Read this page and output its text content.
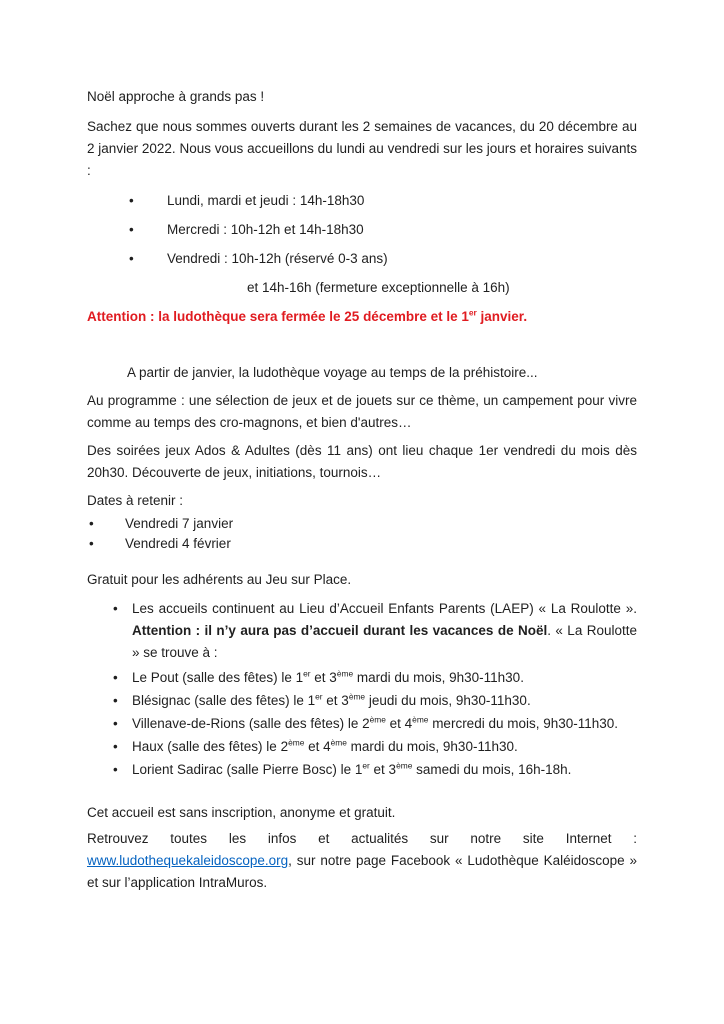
Noël approche à grands pas !

Sachez que nous sommes ouverts durant les 2 semaines de vacances, du 20 décembre au 2 janvier 2022. Nous vous accueillons du lundi au vendredi sur les jours et horaires suivants :

•	Lundi, mardi et jeudi : 14h-18h30
•	Mercredi : 10h-12h et 14h-18h30
•	Vendredi : 10h-12h (réservé 0-3 ans)

et 14h-16h (fermeture exceptionnelle à 16h)

Attention : la ludothèque sera fermée le 25 décembre et le 1er janvier.

A partir de janvier, la ludothèque voyage au temps de la préhistoire...

Au programme : une sélection de jeux et de jouets sur ce thème, un campement pour vivre comme au temps des cro-magnons, et bien d'autres…

Des soirées jeux Ados & Adultes (dès 11 ans) ont lieu chaque 1er vendredi du mois dès 20h30. Découverte de jeux, initiations, tournois…

Dates à retenir :

•	Vendredi 7 janvier
•	Vendredi 4 février

Gratuit pour les adhérents au Jeu sur Place.

•	Les accueils continuent au Lieu d’Accueil Enfants Parents (LAEP) « La Roulotte ». Attention : il n’y aura pas d’accueil durant les vacances de Noël. « La Roulotte » se trouve à :
•	Le Pout (salle des fêtes) le 1er et 3ème mardi du mois, 9h30-11h30.
•	Blésignac (salle des fêtes) le 1er et 3ème jeudi du mois, 9h30-11h30.
•	Villenave-de-Rions (salle des fêtes) le 2ème et 4ème mercredi du mois, 9h30-11h30.
•	Haux (salle des fêtes) le 2ème et 4ème mardi du mois, 9h30-11h30.
•	Lorient Sadirac (salle Pierre Bosc) le 1er et 3ème samedi du mois, 16h-18h.

Cet accueil est sans inscription, anonyme et gratuit.

Retrouvez toutes les infos et actualités sur notre site Internet : www.ludothequekaleidoscope.org, sur notre page Facebook « Ludothèque Kaléidoscope » et sur l’application IntraMuros.
